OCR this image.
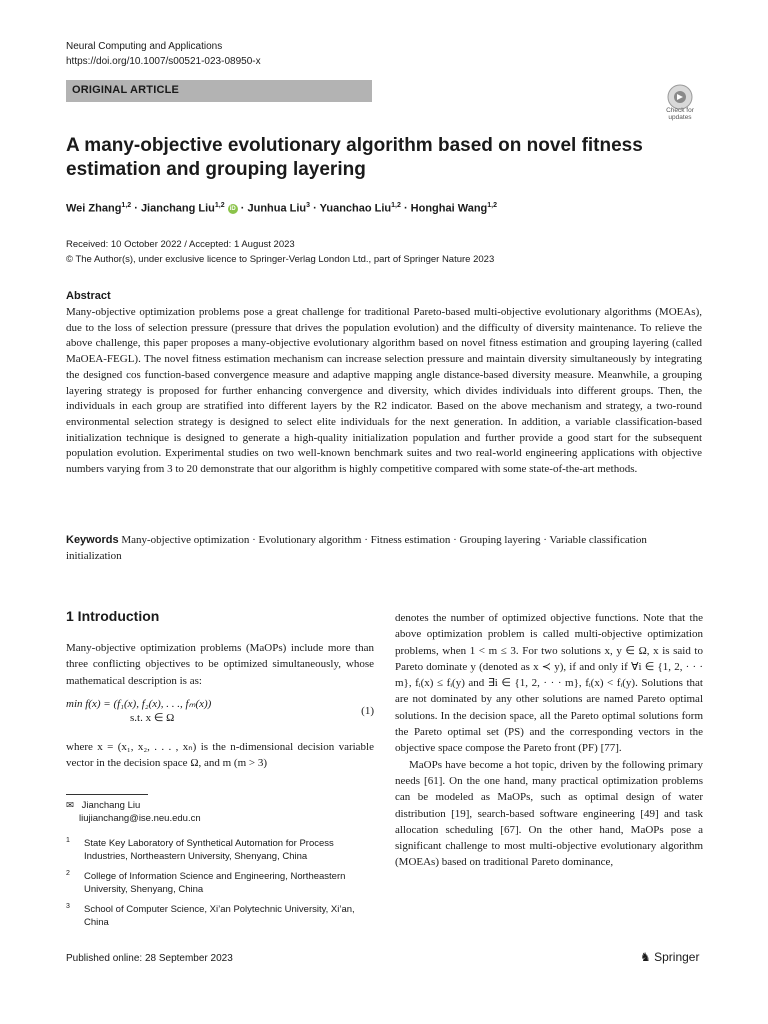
Neural Computing and Applications
https://doi.org/10.1007/s00521-023-08950-x
ORIGINAL ARTICLE
Check for updates
A many-objective evolutionary algorithm based on novel fitness estimation and grouping layering
Wei Zhang$^{1,2}$ · Jianchang Liu$^{1,2}$ iD · Junhua Liu$^3$ · Yuanchao Liu$^{1,2}$ · Honghai Wang$^{1,2}$
Received: 10 October 2022 / Accepted: 1 August 2023
© The Author(s), under exclusive licence to Springer-Verlag London Ltd., part of Springer Nature 2023
Abstract
Many-objective optimization problems pose a great challenge for traditional Pareto-based multi-objective evolutionary algorithms (MOEAs), due to the loss of selection pressure (pressure that drives the population evolution) and the difficulty of diversity maintenance. To relieve the above challenge, this paper proposes a many-objective evolutionary algorithm based on novel fitness estimation and grouping layering (called MaOEA-FEGL). The novel fitness estimation mechanism can increase selection pressure and maintain diversity simultaneously by integrating the designed cos function-based convergence measure and adaptive mapping angle distance-based diversity measure. Meanwhile, a grouping layering strategy is proposed for further enhancing convergence and diversity, which divides individuals into different groups. Then, the individuals in each group are stratified into different layers by the R2 indicator. Based on the above mechanism and strategy, a two-round environmental selection strategy is designed to select elite individuals for the next generation. In addition, a variable classification-based initialization technique is designed to generate a high-quality initialization population and further provide a good start for the subsequent population evolution. Experimental studies on two well-known benchmark suites and two real-world engineering applications with objective numbers varying from 3 to 20 demonstrate that our algorithm is highly competitive compared with some state-of-the-art methods.
Keywords Many-objective optimization · Evolutionary algorithm · Fitness estimation · Grouping layering · Variable classification initialization
1 Introduction
Many-objective optimization problems (MaOPs) include more than three conflicting objectives to be optimized simultaneously, whose mathematical description is as:
min f(x) = (f₁(x), f₂(x), . . ., fₘ(x))
s.t. x ∈ Ω
(1)
where x = (x₁, x₂, . . . , xₙ) is the n-dimensional decision variable vector in the decision space Ω, and m (m > 3)
✉ Jianchang Liu
liujianchang@ise.neu.edu.cn
1 State Key Laboratory of Synthetical Automation for Process Industries, Northeastern University, Shenyang, China
2 College of Information Science and Engineering, Northeastern University, Shenyang, China
3 School of Computer Science, Xi’an Polytechnic University, Xi’an, China

denotes the number of optimized objective functions. Note that the above optimization problem is called multi-objective optimization problems, when 1 < m ≤ 3. For two solutions x, y ∈ Ω, x is said to Pareto dominate y (denoted as x ≺ y), if and only if ∀i ∈ {1, 2, · · · m}, fᵢ(x) ≤ fᵢ(y) and ∃i ∈ {1, 2, · · · m}, fᵢ(x) < fᵢ(y). Solutions that are not dominated by any other solutions are named Pareto optimal solutions. In the decision space, all the Pareto optimal solutions form the Pareto optimal set (PS) and the corresponding vectors in the objective space compose the Pareto front (PF) [77].

MaOPs have become a hot topic, driven by the following primary needs [61]. On the one hand, many practical optimization problems can be modeled as MaOPs, such as optimal design of water distribution [19], search-based software engineering [49] and task allocation scheduling [67]. On the other hand, MaOPs pose a significant challenge to most multi-objective evolutionary algorithm (MOEAs) based on traditional Pareto dominance,

Published online: 28 September 2023	♞ Springer
